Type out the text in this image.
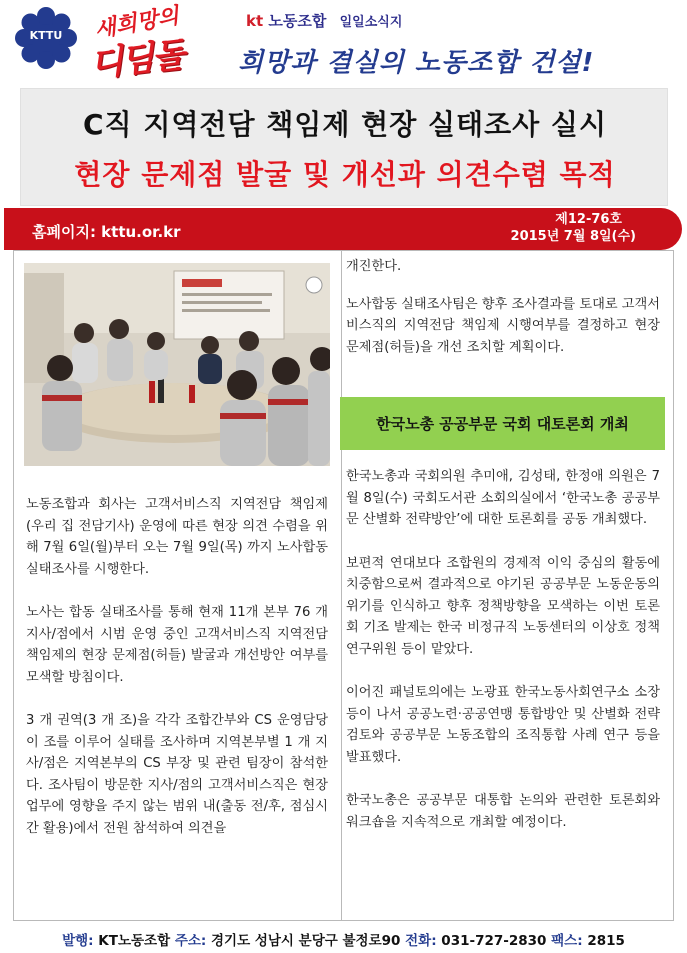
KTTU	새희망의
디딤돌
kt 노동조합 일일소식지
희망과 결실의 노동조합 건설!
C직 지역전담 책임제 현장 실태조사 실시
현장 문제점 발굴 및 개선과 의견수렴 목적
홈페이지: kttu.or.kr
제12-76호
2015년 7월 8일(수)

노동조합과 회사는 고객서비스직 지역전담 책임제(우리 집 전담기사) 운영에 따른 현장 의견 수렴을 위해 7월 6일(월)부터 오는 7월 9일(목) 까지 노사합동 실태조사를 시행한다.

노사는 합동 실태조사를 통해 현재 11개 본부 76 개 지사/점에서 시범 운영 중인 고객서비스직 지역전담 책임제의 현장 문제점(허들) 발굴과 개선방안 여부를 모색할 방침이다.

3 개 권역(3 개 조)을 각각 조합간부와 CS 운영담당이 조를 이루어 실태를 조사하며 지역본부별 1 개 지사/점은 지역본부의 CS 부장 및 관련 팀장이 참석한다. 조사팀이 방문한 지사/점의 고객서비스직은 현장업무에 영향을 주지 않는 범위 내(출동 전/후, 점심시간 활용)에서 전원 참석하여 의견을

개진한다.

노사합동 실태조사팀은 향후 조사결과를 토대로 고객서비스직의 지역전담 책임제 시행여부를 결정하고 현장 문제점(허들)을 개선 조치할 계획이다.

한국노총 공공부문 국회 대토론회 개최

한국노총과 국회의원 추미애, 김성태, 한정애 의원은 7월 8일(수) 국회도서관 소회의실에서 ‘한국노총 공공부문 산별화 전략방안’에 대한 토론회를 공동 개최했다.

보편적 연대보다 조합원의 경제적 이익 중심의 활동에 치중함으로써 결과적으로 야기된 공공부문 노동운동의 위기를 인식하고 향후 정책방향을 모색하는 이번 토론회 기조 발제는 한국 비정규직 노동센터의 이상호 정책연구위원 등이 맡았다.

이어진 패널토의에는 노광표 한국노동사회연구소 소장 등이 나서 공공노련·공공연맹 통합방안 및 산별화 전략 검토와 공공부문 노동조합의 조직통합 사례 연구 등을 발표했다.

한국노총은 공공부문 대통합 논의와 관련한 토론회와 워크숍을 지속적으로 개최할 예정이다.

발행: KT노동조합 주소: 경기도 성남시 분당구 불정로90 전화: 031-727-2830 팩스: 2815
